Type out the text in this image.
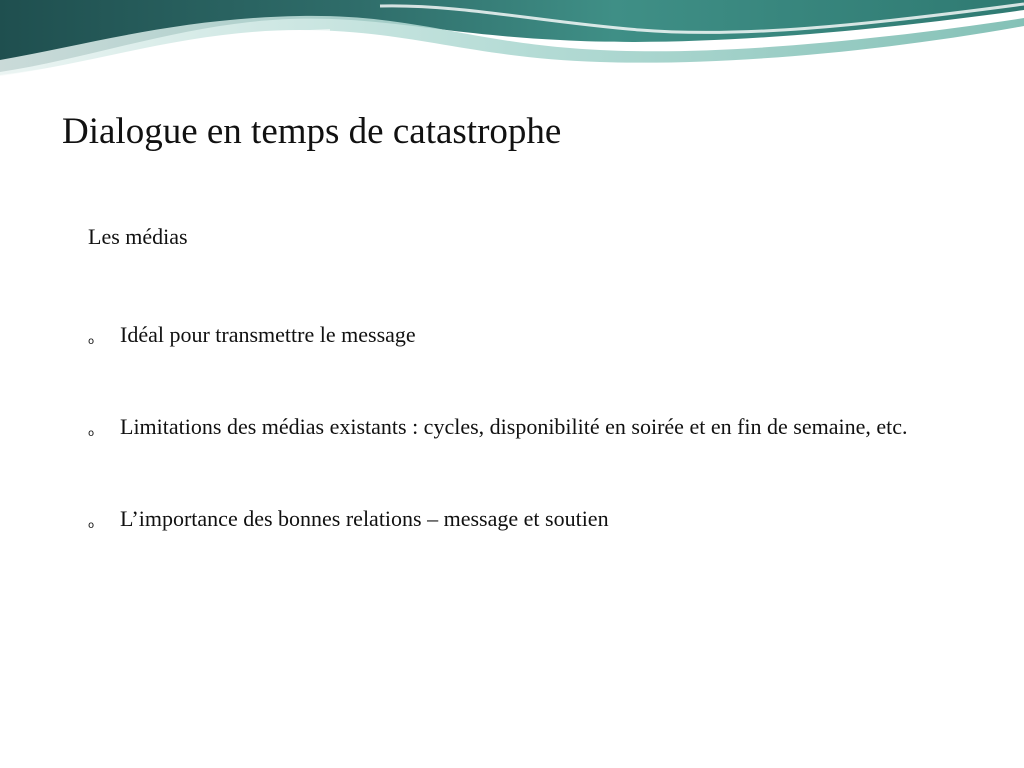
Dialogue en temps de catastrophe
Les médias
o Idéal pour transmettre le message
o Limitations des médias existants : cycles, disponibilité en soirée et en fin de semaine, etc.
o L’importance des bonnes relations – message et soutien
